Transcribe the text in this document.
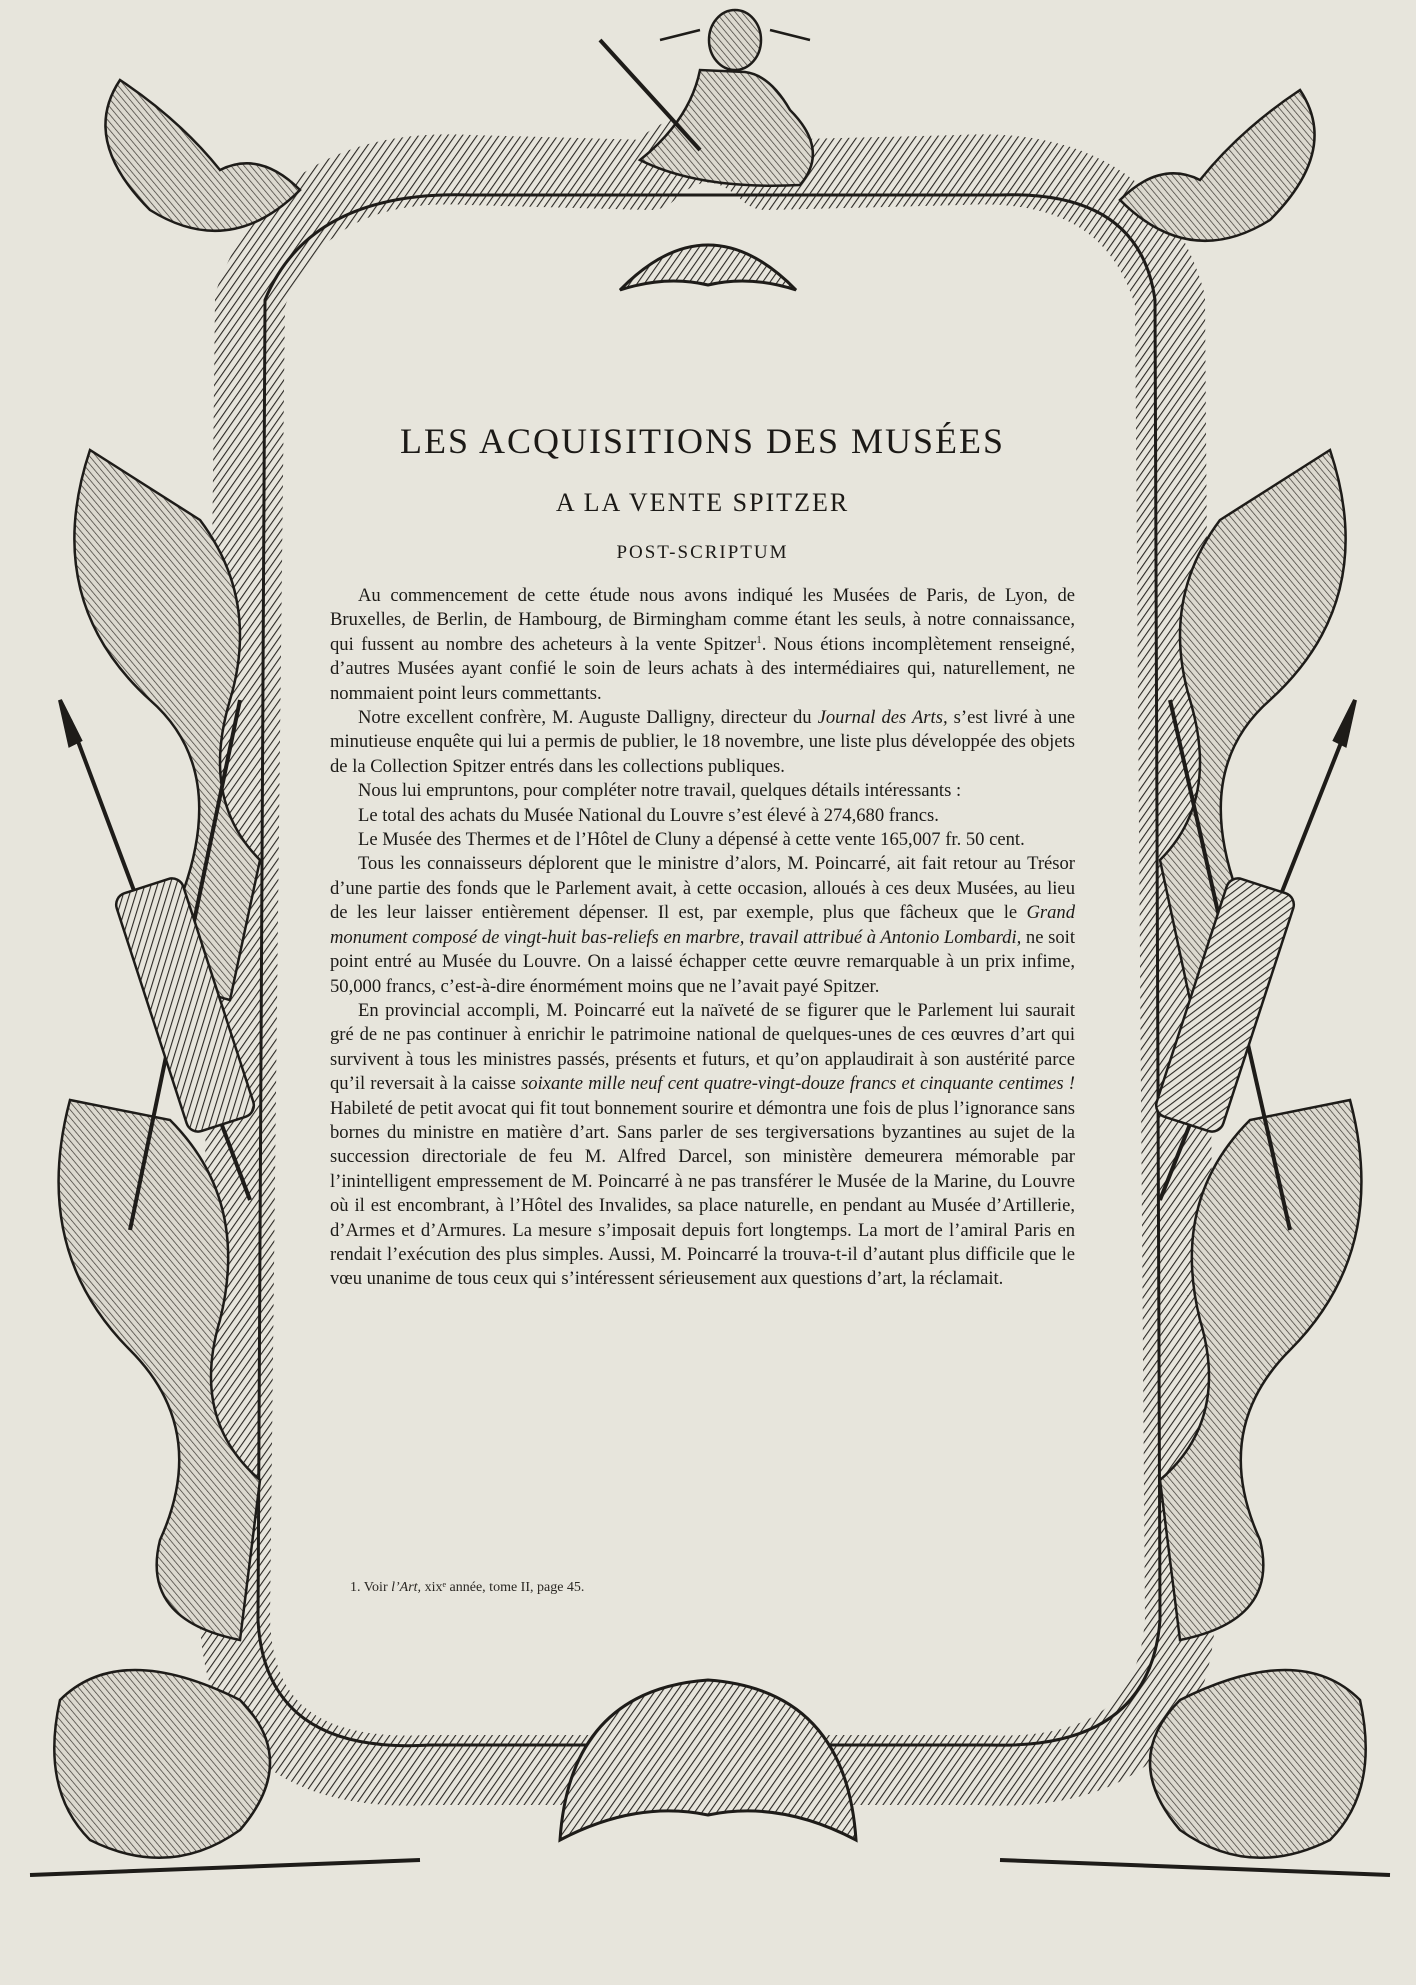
LES ACQUISITIONS DES MUSÉES
A LA VENTE SPITZER
POST-SCRIPTUM

Au commencement de cette étude nous avons indiqué les Musées de Paris, de Lyon, de Bruxelles, de Berlin, de Hambourg, de Birmingham comme étant les seuls, à notre connaissance, qui fussent au nombre des acheteurs à la vente Spitzer$^1$. Nous étions incomplètement renseigné, d’autres Musées ayant confié le soin de leurs achats à des intermédiaires qui, naturellement, ne nommaient point leurs commettants.

Notre excellent confrère, M. Auguste Dalligny, directeur du Journal des Arts, s’est livré à une minutieuse enquête qui lui a permis de publier, le 18 novembre, une liste plus développée des objets de la Collection Spitzer entrés dans les collections publiques.

Nous lui empruntons, pour compléter notre travail, quelques détails intéressants :

Le total des achats du Musée National du Louvre s’est élevé à 274,680 francs.

Le Musée des Thermes et de l’Hôtel de Cluny a dépensé à cette vente 165,007 fr. 50 cent.

Tous les connaisseurs déplorent que le ministre d’alors, M. Poincarré, ait fait retour au Trésor d’une partie des fonds que le Parlement avait, à cette occasion, alloués à ces deux Musées, au lieu de les leur laisser entièrement dépenser. Il est, par exemple, plus que fâcheux que le Grand monument composé de vingt-huit bas-reliefs en marbre, travail attribué à Antonio Lombardi, ne soit point entré au Musée du Louvre. On a laissé échapper cette œuvre remarquable à un prix infime, 50,000 francs, c’est-à-dire énormément moins que ne l’avait payé Spitzer.

En provincial accompli, M. Poincarré eut la naïveté de se figurer que le Parlement lui saurait gré de ne pas continuer à enrichir le patrimoine national de quelques-unes de ces œuvres d’art qui survivent à tous les ministres passés, présents et futurs, et qu’on applaudirait à son austérité parce qu’il reversait à la caisse soixante mille neuf cent quatre-vingt-douze francs et cinquante centimes ! Habileté de petit avocat qui fit tout bonnement sourire et démontra une fois de plus l’ignorance sans bornes du ministre en matière d’art. Sans parler de ses tergiversations byzantines au sujet de la succession directoriale de feu M. Alfred Darcel, son ministère demeurera mémorable par l’inintelligent empressement de M. Poincarré à ne pas transférer le Musée de la Marine, du Louvre où il est encombrant, à l’Hôtel des Invalides, sa place naturelle, en pendant au Musée d’Artillerie, d’Armes et d’Armures. La mesure s’imposait depuis fort longtemps. La mort de l’amiral Paris en rendait l’exécution des plus simples. Aussi, M. Poincarré la trouva-t-il d’autant plus difficile que le vœu unanime de tous ceux qui s’intéressent sérieusement aux questions d’art, la réclamait.

1. Voir l’Art, xixᵉ année, tome II, page 45.
